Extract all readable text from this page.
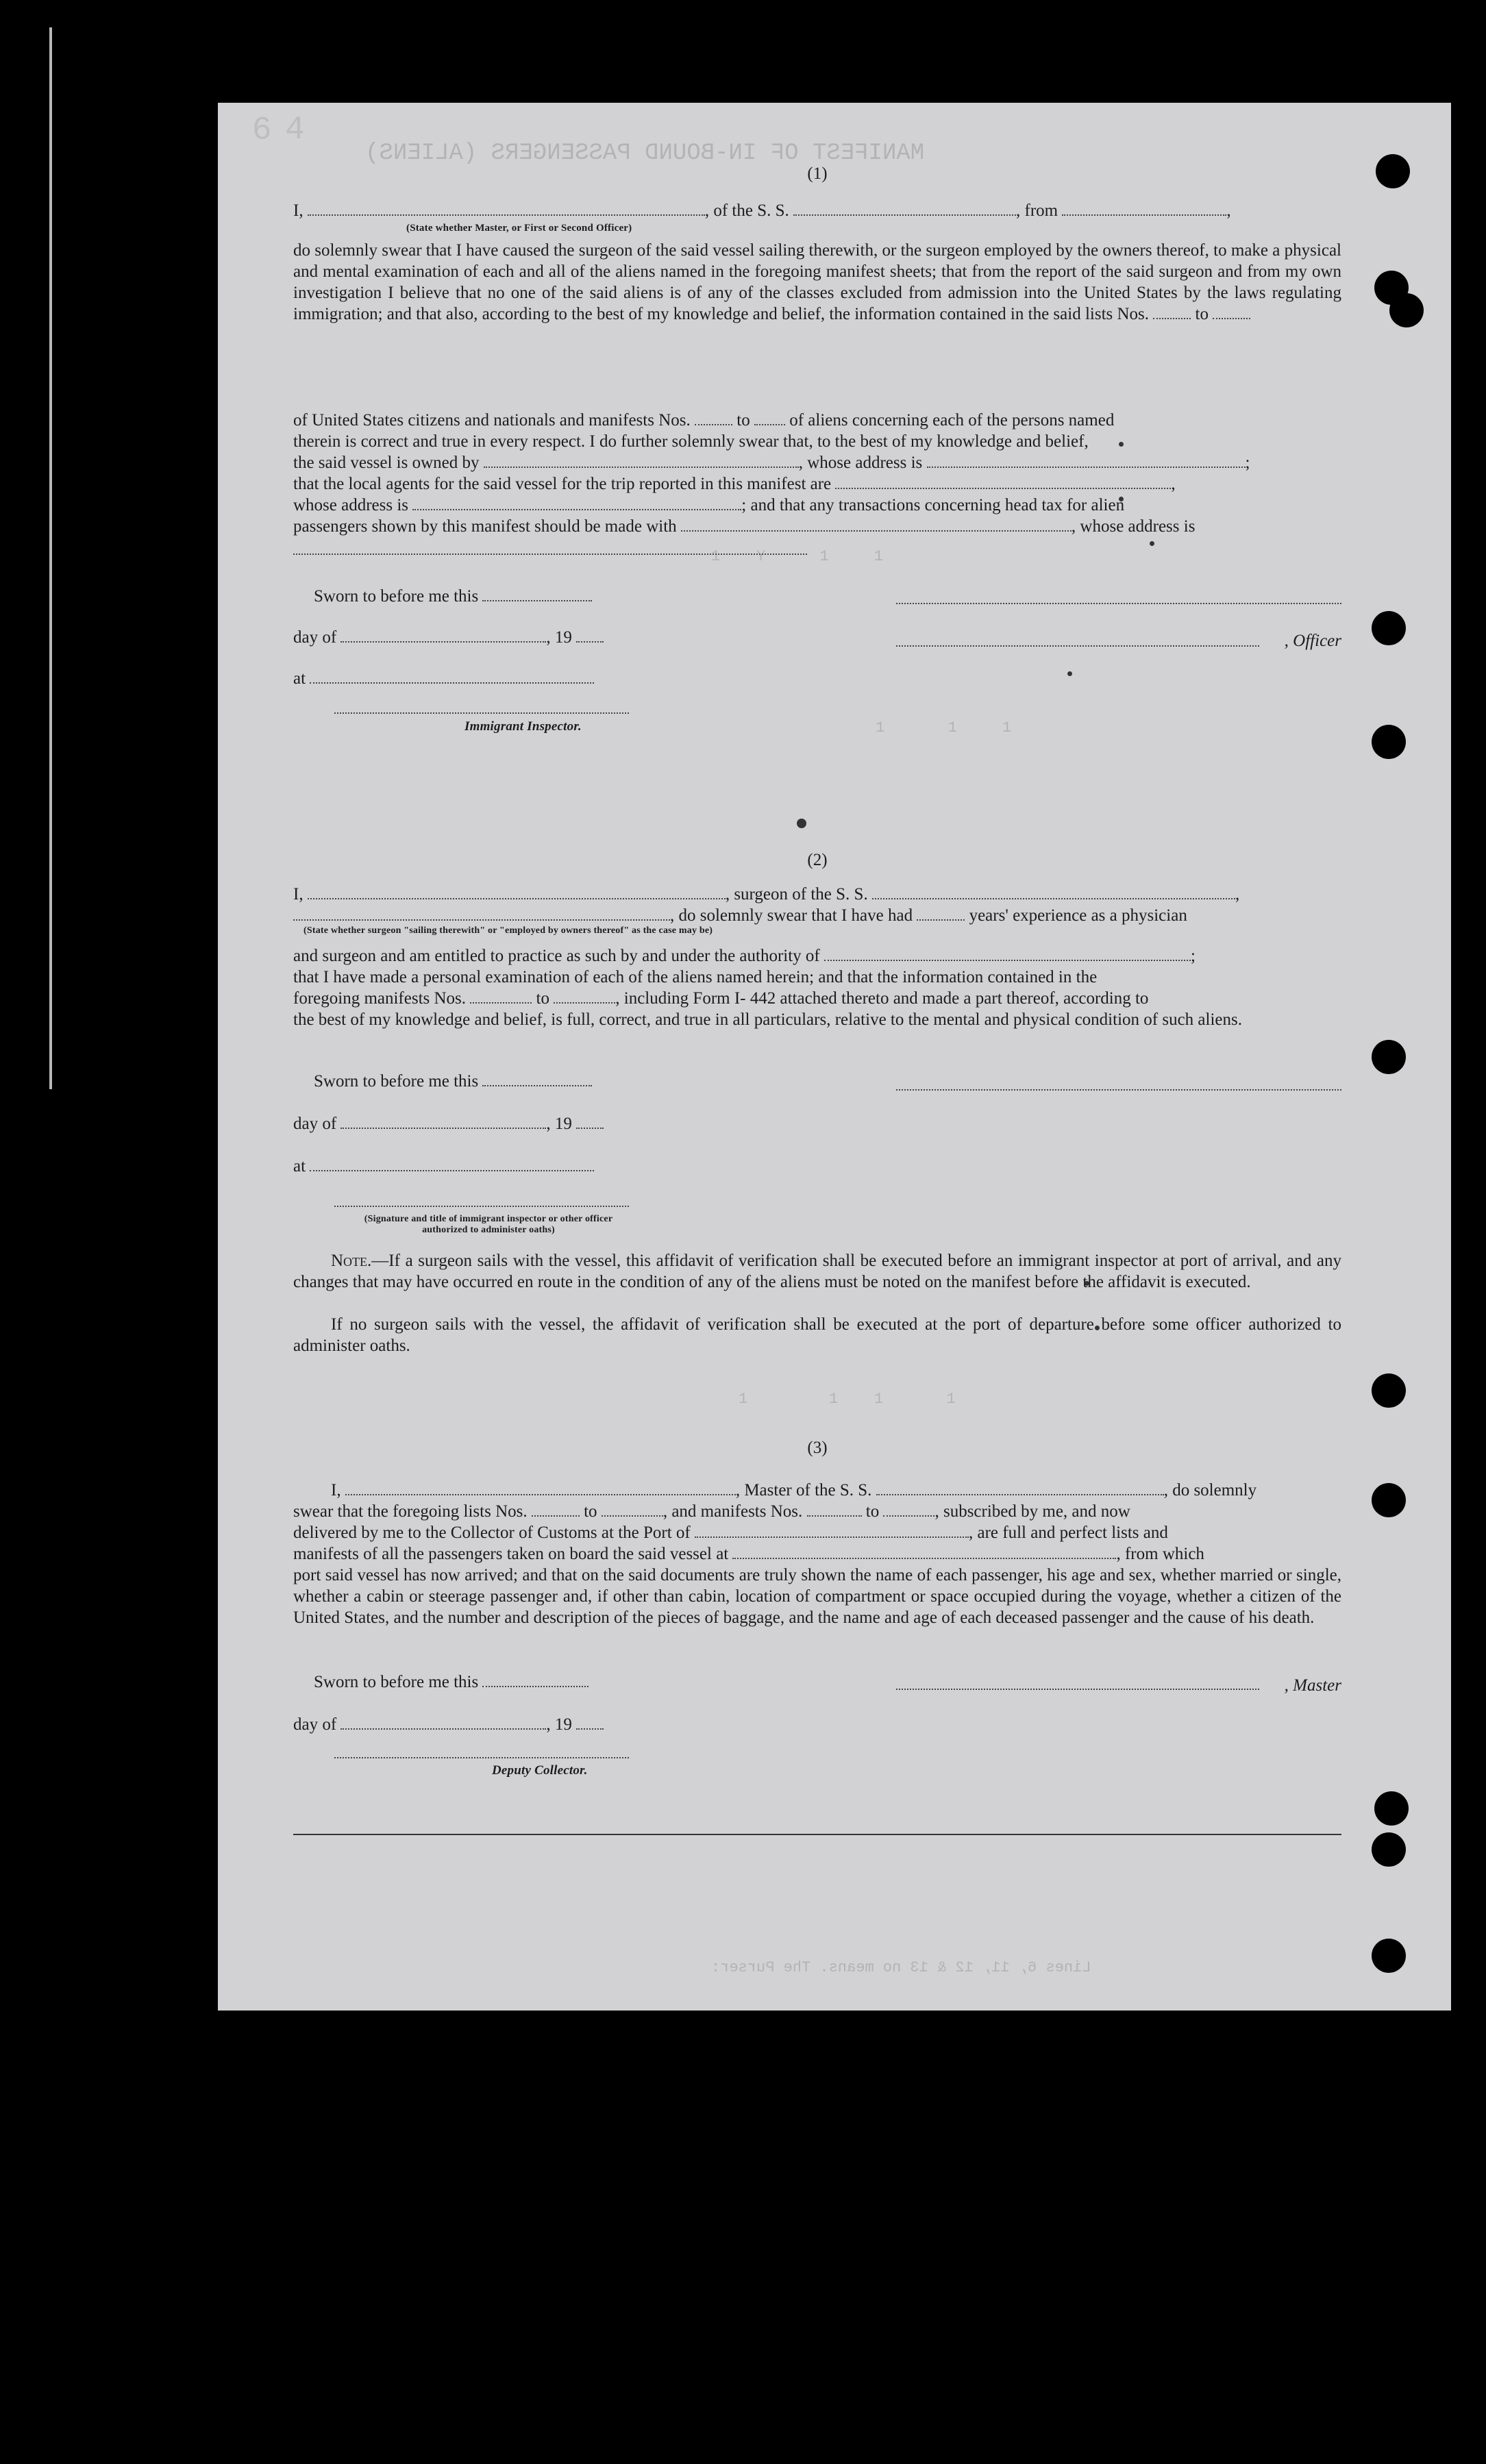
MANIFEST OF IN-BOUND PASSENGERS (ALIENS)
⁶⁴
1    Y      1     1
1       1     1
1         1    1       1
Lines 6, 11, 12 & 13 no means. The Purser:
(1)
I,	, of the S. S.	, from	,
(State whether Master, or First or Second Officer)
do solemnly swear that I have caused the surgeon of the said vessel sailing therewith, or the surgeon employed by the owners thereof, to make a physical and mental examination of each and all of the aliens named in the foregoing manifest sheets; that from the report of the said surgeon and from my own investigation I believe that no one of the said aliens is of any of the classes excluded from admission into the United States by the laws regulating immigration; and that also, according to the best of my knowledge and belief, the information contained in the said lists Nos.	to
of United States citizens and nationals and manifests Nos.	to of aliens concerning each of the persons named
therein is correct and true in every respect. I do further solemnly swear that, to the best of my knowledge and belief,
the said vessel is owned by	, whose address is	;
that the local agents for the said vessel for the trip reported in this manifest are	,
whose address is	; and that any transactions concerning head tax for alien
passengers shown by this manifest should be made with	, whose address is
Sworn to before me this
day of	, 19	, Officer
at
Immigrant Inspector.
(2)
I,	, surgeon of the S. S.	,
, do solemnly swear that I have had	years' experience as a physician
(State whether surgeon "sailing therewith" or "employed by owners thereof" as the case may be)
and surgeon and am entitled to practice as such by and under the authority of	;
that I have made a personal examination of each of the aliens named herein; and that the information contained in the
foregoing manifests Nos.	to	, including Form I- 442 attached thereto and made a part thereof, according to
the best of my knowledge and belief, is full, correct, and true in all particulars, relative to the mental and physical condition of such aliens.
Sworn to before me this
day of	, 19
at
(Signature and title of immigrant inspector or other officer authorized to administer oaths)
Note.—If a surgeon sails with the vessel, this affidavit of verification shall be executed before an immigrant inspector at port of arrival, and any changes that may have occurred en route in the condition of any of the aliens must be noted on the manifest before the affidavit is executed.
If no surgeon sails with the vessel, the affidavit of verification shall be executed at the port of departure before some officer authorized to administer oaths.
(3)
I,	, Master of the S. S.	, do solemnly
swear that the foregoing lists Nos.	to	, and manifests Nos.	to	, subscribed by me, and now
delivered by me to the Collector of Customs at the Port of	, are full and perfect lists and
manifests of all the passengers taken on board the said vessel at	, from which
port said vessel has now arrived; and that on the said documents are truly shown the name of each passenger, his age and sex, whether married or single, whether a cabin or steerage passenger and, if other than cabin, location of compartment or space occupied during the voyage, whether a citizen of the United States, and the number and description of the pieces of baggage, and the name and age of each deceased passenger and the cause of his death.
Sworn to before me this	, Master
day of	, 19
Deputy Collector.
